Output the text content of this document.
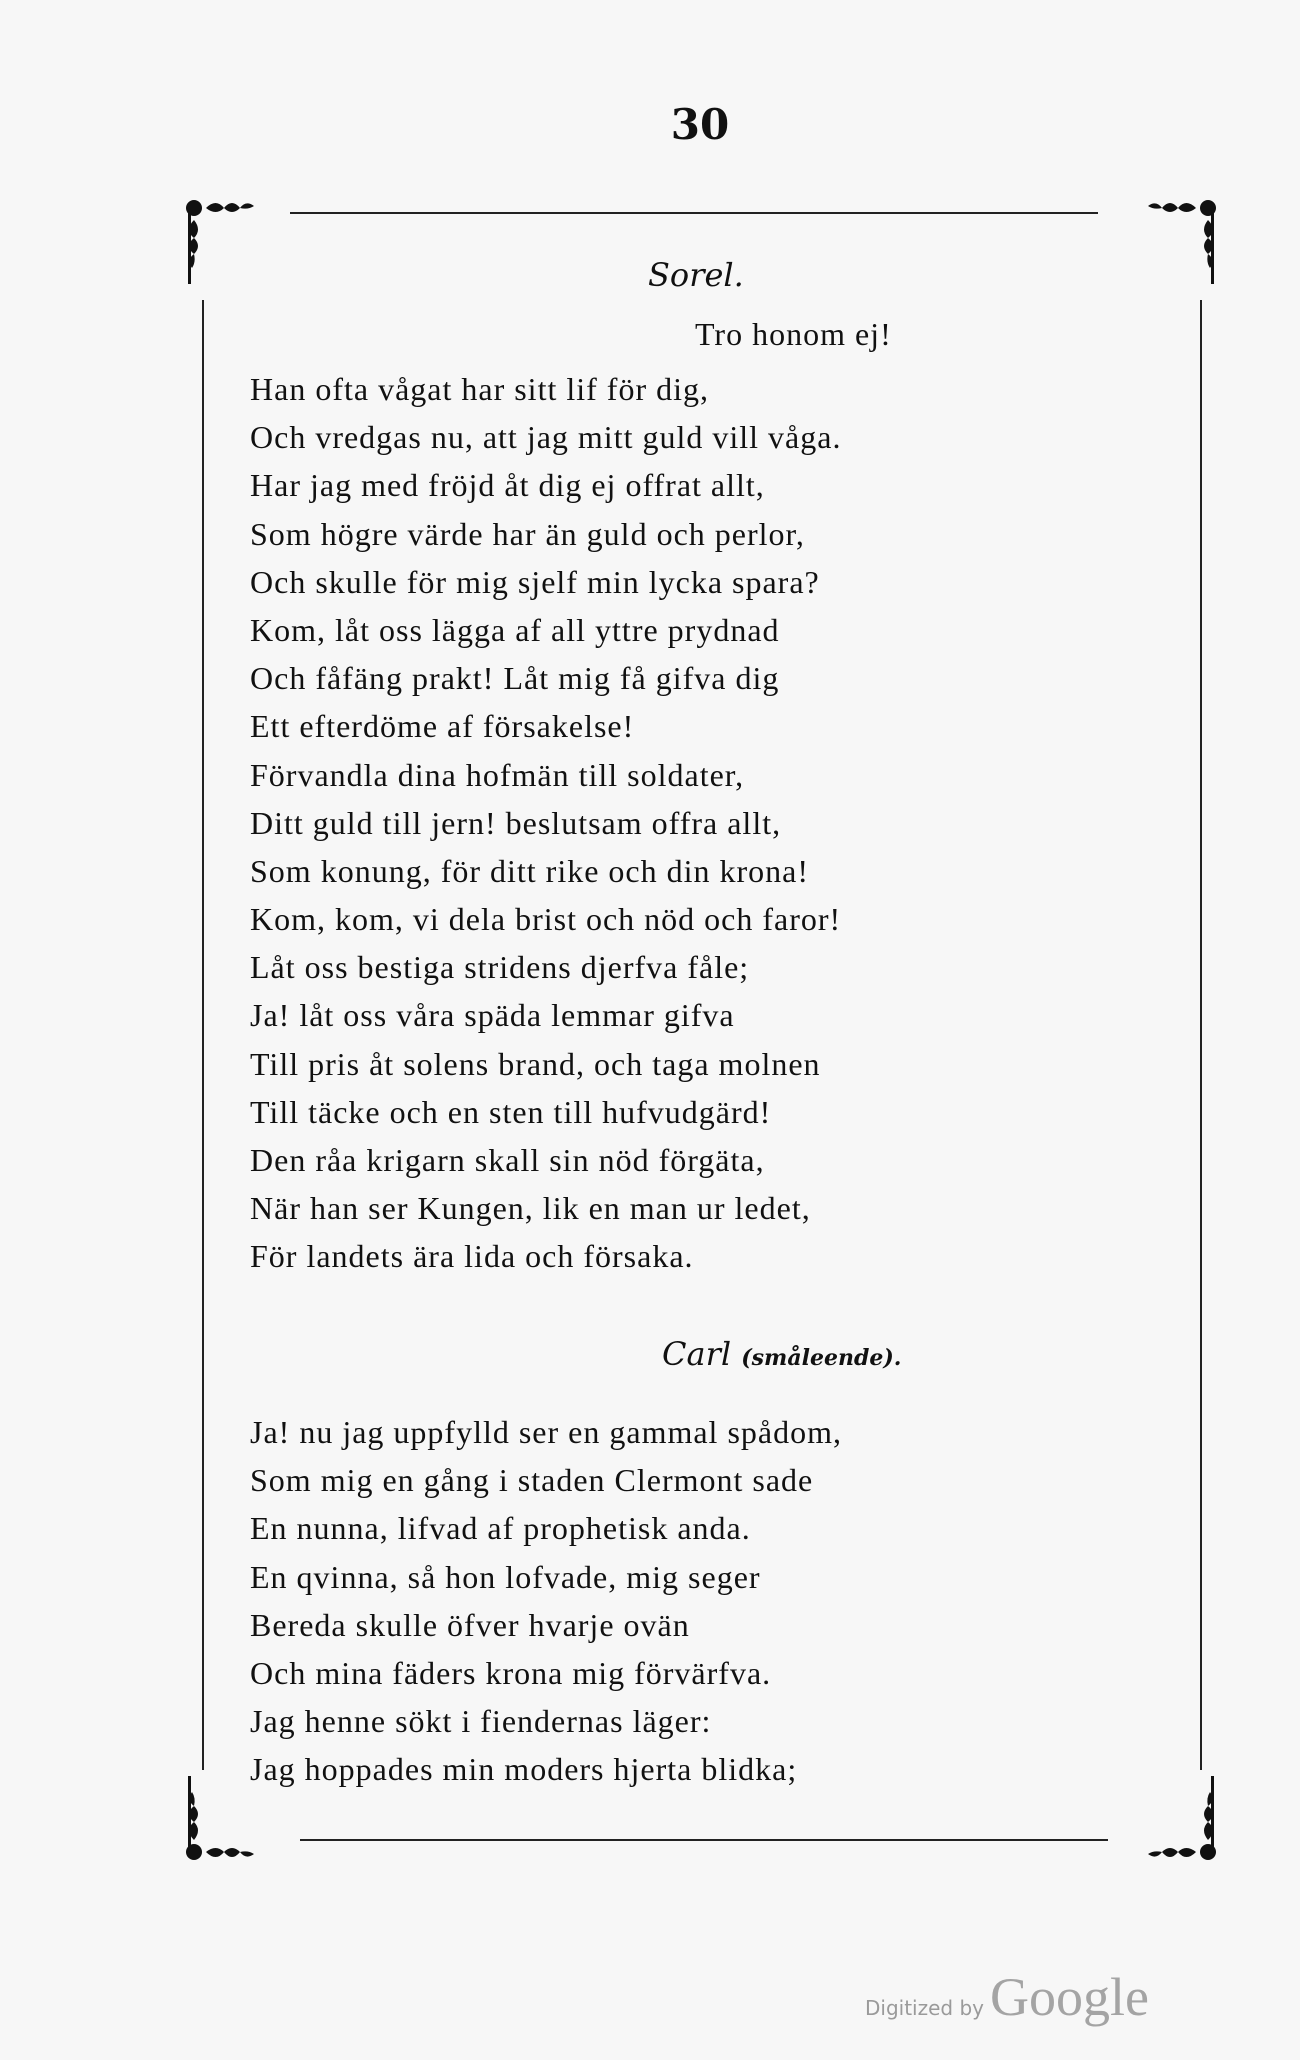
30
Sorel.
Tro honom ej!
Han ofta vågat har sitt lif för dig,
Och vredgas nu, att jag mitt guld vill våga.
Har jag med fröjd åt dig ej offrat allt,
Som högre värde har än guld och perlor,
Och skulle för mig sjelf min lycka spara?
Kom, låt oss lägga af all yttre prydnad
Och fåfäng prakt! Låt mig få gifva dig
Ett efterdöme af försakelse!
Förvandla dina hofmän till soldater,
Ditt guld till jern! beslutsam offra allt,
Som konung, för ditt rike och din krona!
Kom, kom, vi dela brist och nöd och faror!
Låt oss bestiga stridens djerfva fåle;
Ja! låt oss våra späda lemmar gifva
Till pris åt solens brand, och taga molnen
Till täcke och en sten till hufvudgärd!
Den råa krigarn skall sin nöd förgäta,
När han ser Kungen, lik en man ur ledet,
För landets ära lida och försaka.
Carl (småleende).
Ja! nu jag uppfylld ser en gammal spådom,
Som mig en gång i staden Clermont sade
En nunna, lifvad af prophetisk anda.
En qvinna, så hon lofvade, mig seger
Bereda skulle öfver hvarje ovän
Och mina fäders krona mig förvärfva.
Jag henne sökt i fiendernas läger:
Jag hoppades min moders hjerta blidka;
Digitized by Google
